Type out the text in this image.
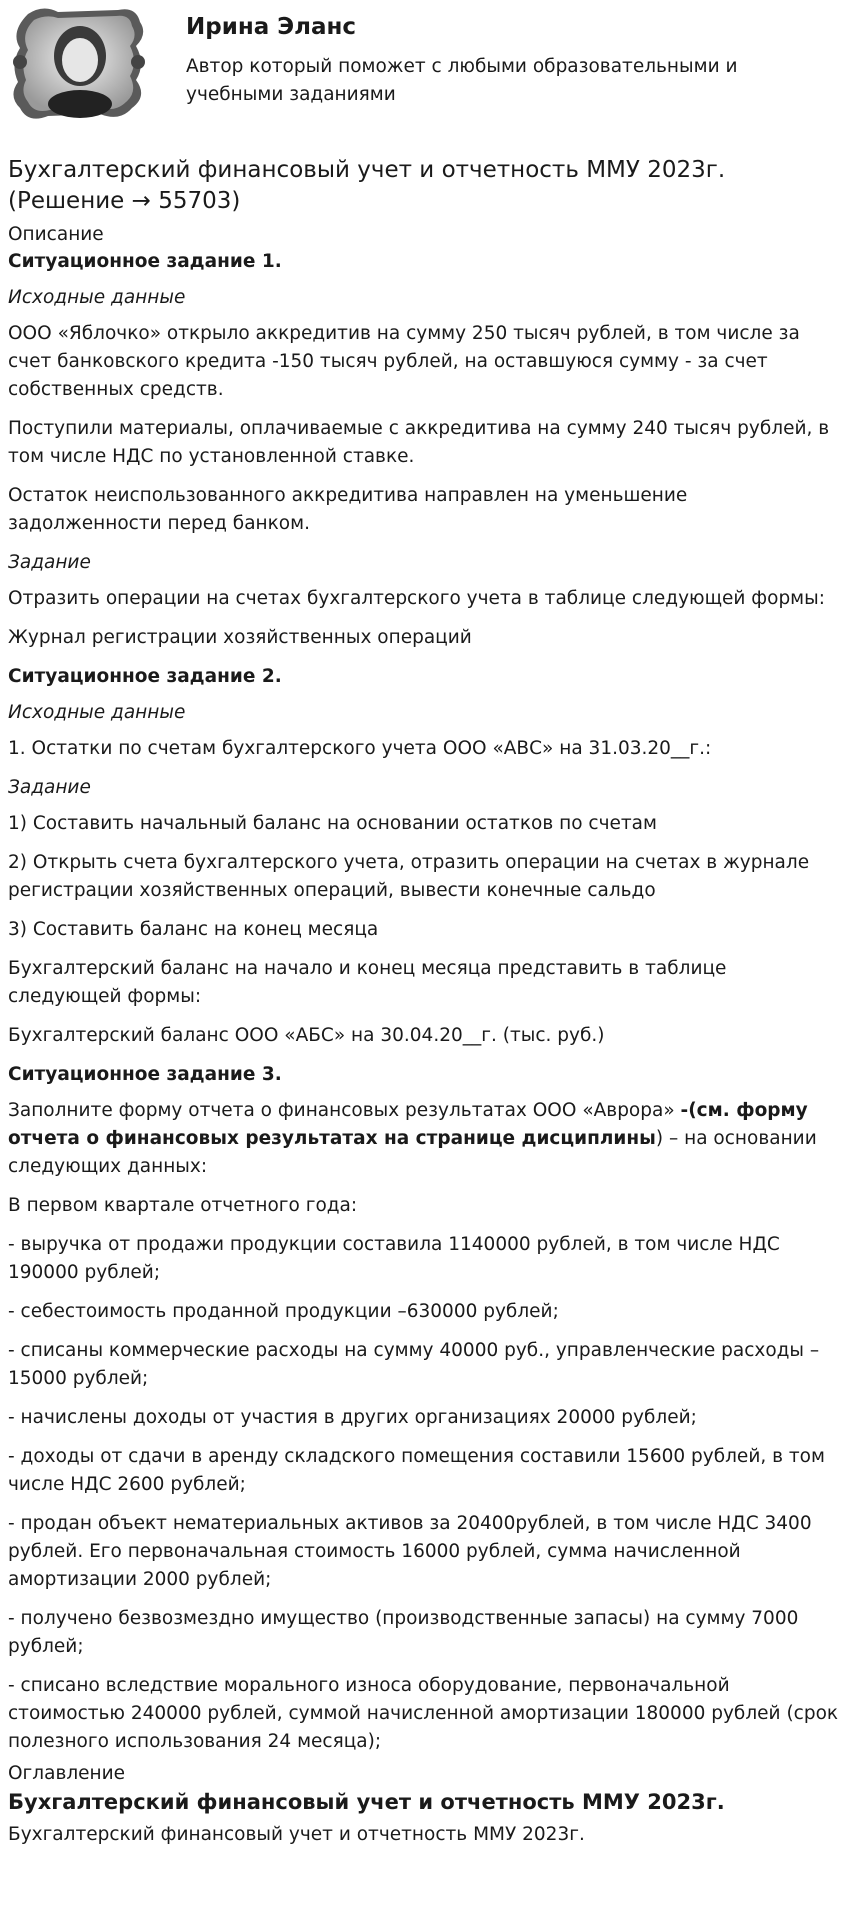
Ирина Эланс
Автор который поможет с любыми образовательными и учебными заданиями
Бухгалтерский финансовый учет и отчетность ММУ 2023г. (Решение → 55703)
Описание

Ситуационное задание 1.

Исходные данные

ООО «Яблочко» открыло аккредитив на сумму 250 тысяч рублей, в том числе за счет банковского кредита -150 тысяч рублей, на оставшуюся сумму - за счет собственных средств.

Поступили материалы, оплачиваемые с аккредитива на сумму 240 тысяч рублей, в том числе НДС по установленной ставке.

Остаток неиспользованного аккредитива направлен на уменьшение задолженности перед банком.

Задание

Отразить операции на счетах бухгалтерского учета в таблице следующей формы:

Журнал регистрации хозяйственных операций

Ситуационное задание 2.

Исходные данные

1. Остатки по счетам бухгалтерского учета ООО «АВС» на 31.03.20__г.:

Задание

1) Составить начальный баланс на основании остатков по счетам

2) Открыть счета бухгалтерского учета, отразить операции на счетах в журнале регистрации хозяйственных операций, вывести конечные сальдо

3) Составить баланс на конец месяца

Бухгалтерский баланс на начало и конец месяца представить в таблице следующей формы:

Бухгалтерский баланс ООО «АБС» на 30.04.20__г. (тыс. руб.)

Ситуационное задание 3.

Заполните форму отчета о финансовых результатах ООО «Аврора» -(см. форму отчета о финансовых результатах на странице дисциплины) – на основании следующих данных:

В первом квартале отчетного года:

- выручка от продажи продукции составила 1140000 рублей, в том числе НДС 190000 рублей;

- себестоимость проданной продукции –630000 рублей;

- списаны коммерческие расходы на сумму 40000 руб., управленческие расходы –15000 рублей;

- начислены доходы от участия в других организациях 20000 рублей;

- доходы от сдачи в аренду складского помещения составили 15600 рублей, в том числе НДС 2600 рублей;

- продан объект нематериальных активов за 20400рублей, в том числе НДС 3400 рублей. Его первоначальная стоимость 16000 рублей, сумма начисленной амортизации 2000 рублей;

- получено безвозмездно имущество (производственные запасы) на сумму 7000 рублей;

- списано вследствие морального износа оборудование, первоначальной стоимостью 240000 рублей, суммой начисленной амортизации 180000 рублей (срок полезного использования 24 месяца);

Оглавление
Бухгалтерский финансовый учет и отчетность ММУ 2023г.

Бухгалтерский финансовый учет и отчетность ММУ 2023г.
